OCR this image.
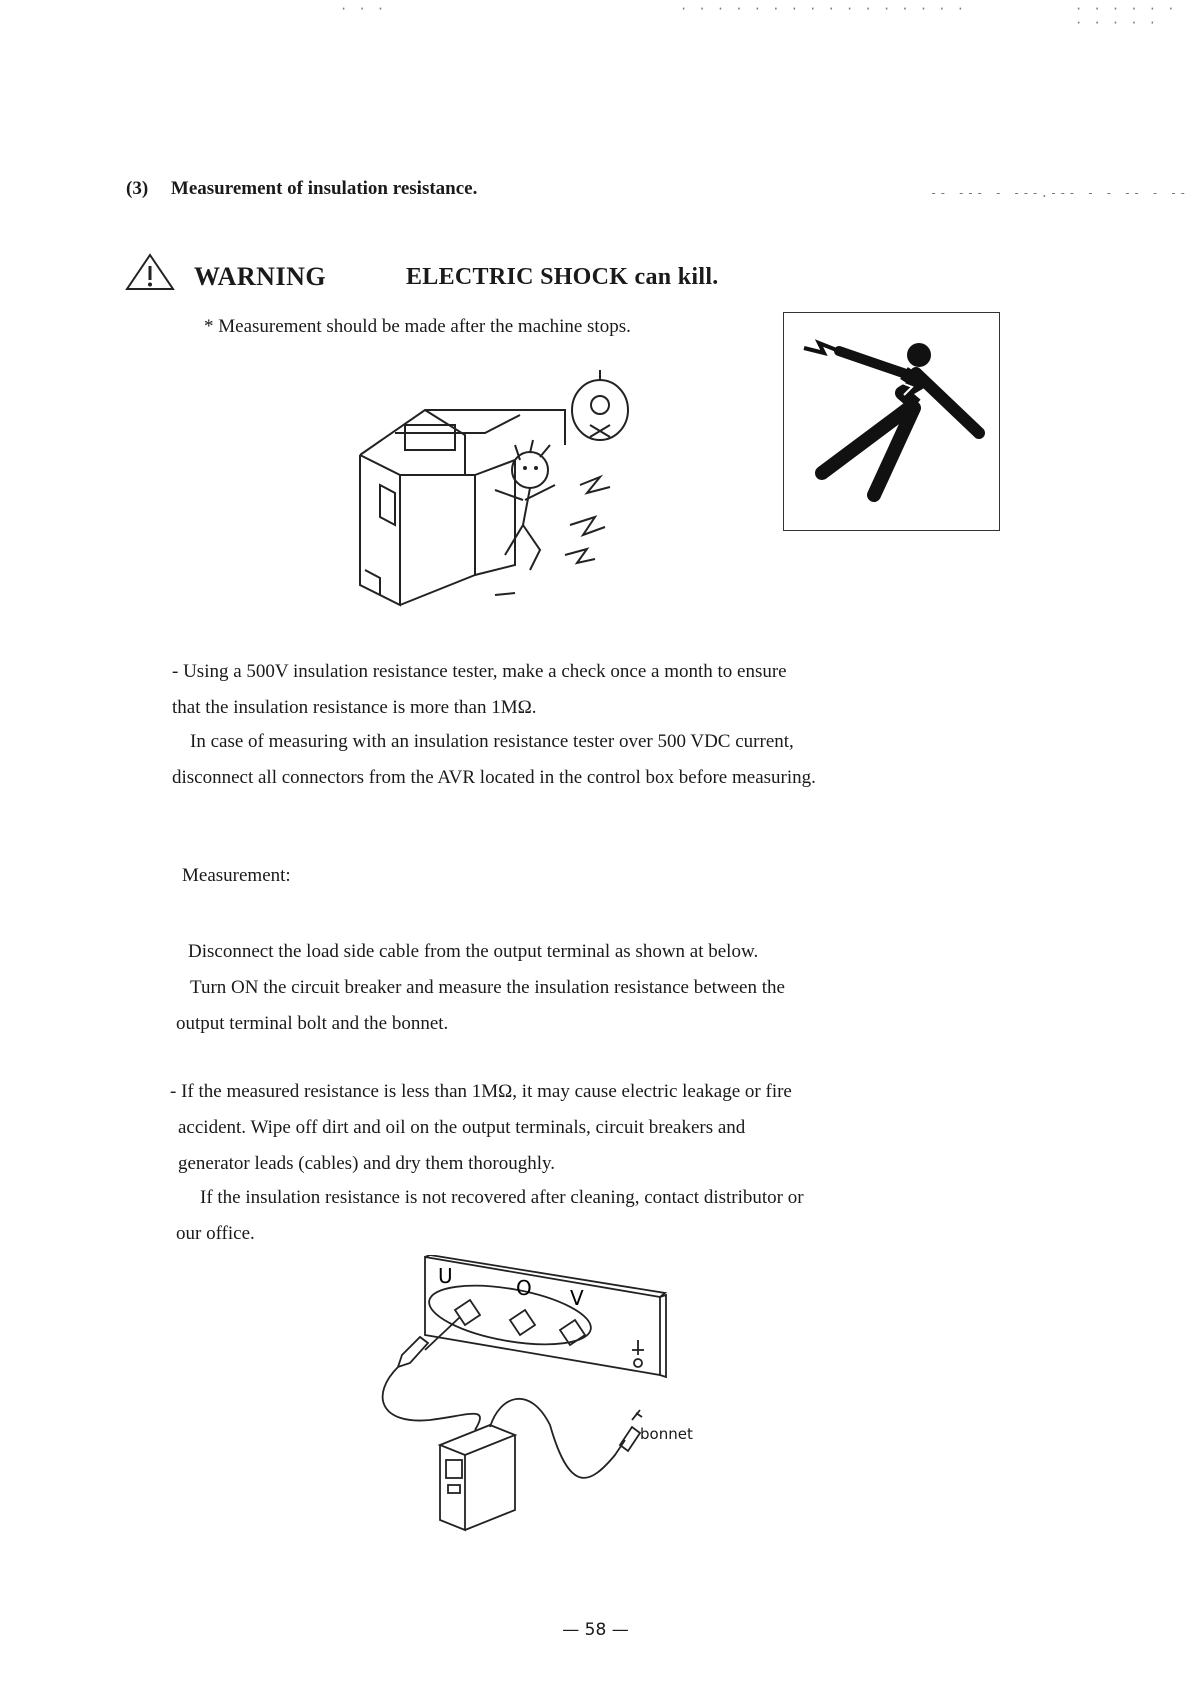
· · ·	· · · · · · · · · · · · · · · ·	· · · · · · · · · · ·
-- --- - ---.--- - - -- - --
(3) Measurement of insulation resistance.
WARNING	ELECTRIC SHOCK can kill.
* Measurement should be made after the machine stops.
- Using a 500V insulation resistance tester, make a check once a month to ensure
that the insulation resistance is more than 1MΩ.
In case of measuring with an insulation resistance tester over 500 VDC current,
disconnect all connectors from the AVR located in the control box before measuring.
Measurement:
Disconnect the load side cable from the output terminal as shown at below.
Turn ON the circuit breaker and measure the insulation resistance between the
output terminal bolt and the bonnet.
- If the measured resistance is less than 1MΩ, it may cause electric leakage or fire
accident. Wipe off dirt and oil on the output terminals, circuit breakers and
generator leads (cables) and dry them thoroughly.
If the insulation resistance is not recovered after cleaning, contact distributor or
our office.
U	O V
bonnet
— 58 —
